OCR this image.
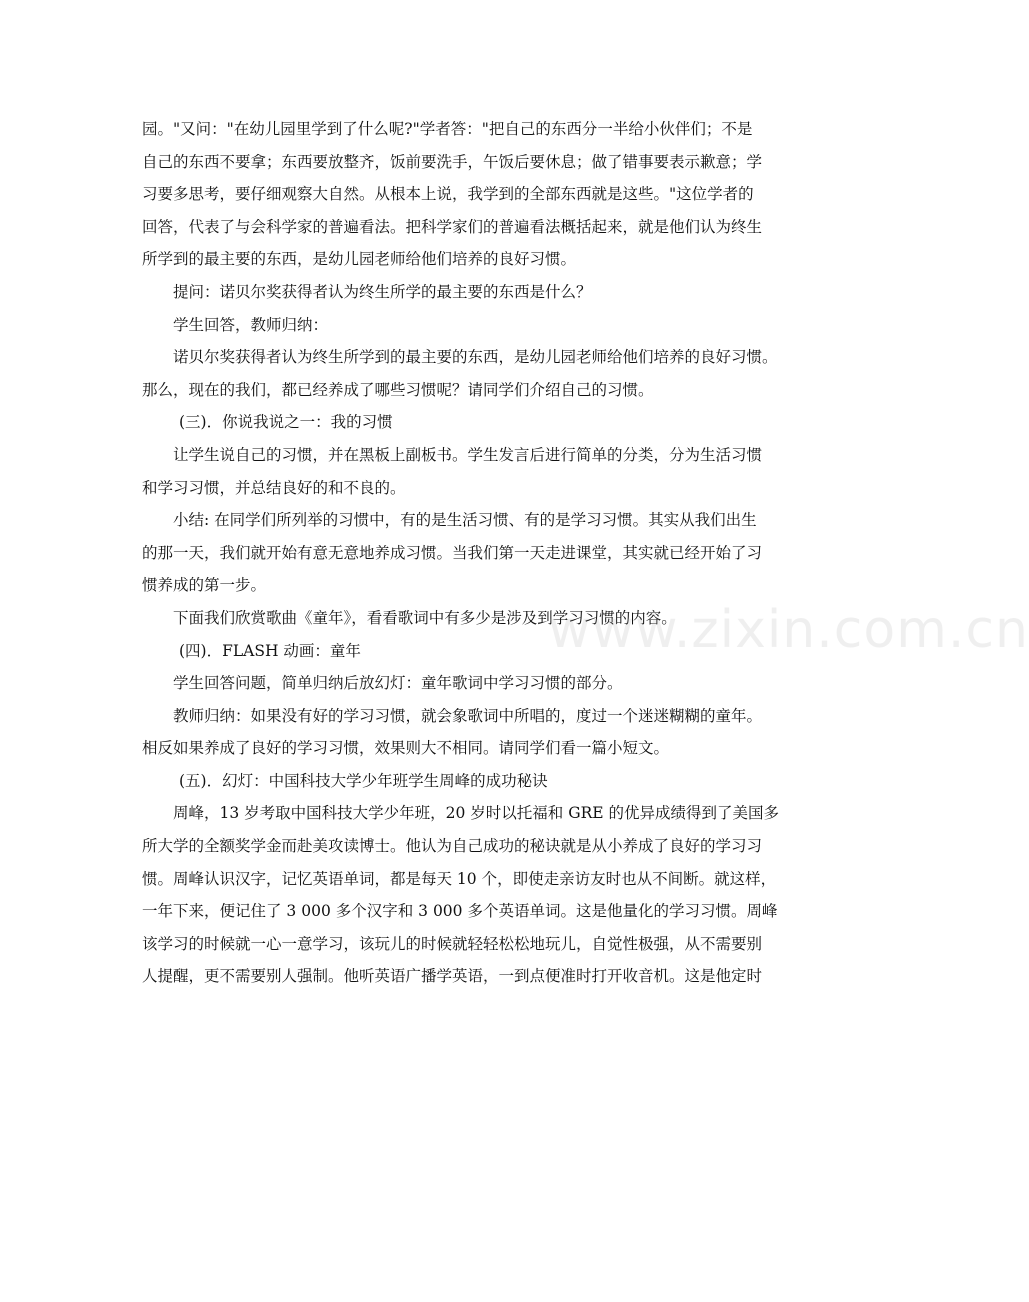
园。"又问："在幼儿园里学到了什么呢?"学者答："把自己的东西分一半给小伙伴们；不是
自己的东西不要拿；东西要放整齐，饭前要洗手，午饭后要休息；做了错事要表示歉意；学
习要多思考，要仔细观察大自然。从根本上说，我学到的全部东西就是这些。"这位学者的
回答，代表了与会科学家的普遍看法。把科学家们的普遍看法概括起来，就是他们认为终生
所学到的最主要的东西，是幼儿园老师给他们培养的良好习惯。
提问：诺贝尔奖获得者认为终生所学的最主要的东西是什么？
学生回答，教师归纳：
诺贝尔奖获得者认为终生所学到的最主要的东西，是幼儿园老师给他们培养的良好习惯。
那么，现在的我们，都已经养成了哪些习惯呢？请同学们介绍自己的习惯。
(三)．你说我说之一：我的习惯
让学生说自己的习惯，并在黑板上副板书。学生发言后进行简单的分类，分为生活习惯
和学习习惯，并总结良好的和不良的。
小结: 在同学们所列举的习惯中，有的是生活习惯、有的是学习习惯。其实从我们出生
的那一天，我们就开始有意无意地养成习惯。当我们第一天走进课堂，其实就已经开始了习
惯养成的第一步。
下面我们欣赏歌曲《童年》，看看歌词中有多少是涉及到学习习惯的内容。
(四)．FLASH 动画：童年
学生回答问题，简单归纳后放幻灯：童年歌词中学习习惯的部分。
教师归纳：如果没有好的学习习惯，就会象歌词中所唱的，度过一个迷迷糊糊的童年。
相反如果养成了良好的学习习惯，效果则大不相同。请同学们看一篇小短文。
(五)．幻灯：中国科技大学少年班学生周峰的成功秘诀
周峰，13 岁考取中国科技大学少年班，20 岁时以托福和 GRE 的优异成绩得到了美国多
所大学的全额奖学金而赴美攻读博士。他认为自己成功的秘诀就是从小养成了良好的学习习
惯。周峰认识汉字，记忆英语单词，都是每天 10 个，即使走亲访友时也从不间断。就这样，
一年下来，便记住了 3 000 多个汉字和 3 000 多个英语单词。这是他量化的学习习惯。周峰
该学习的时候就一心一意学习，该玩儿的时候就轻轻松松地玩儿，自觉性极强，从不需要别
人提醒，更不需要别人强制。他听英语广播学英语，一到点便准时打开收音机。这是他定时
www.zixin.com.cn
